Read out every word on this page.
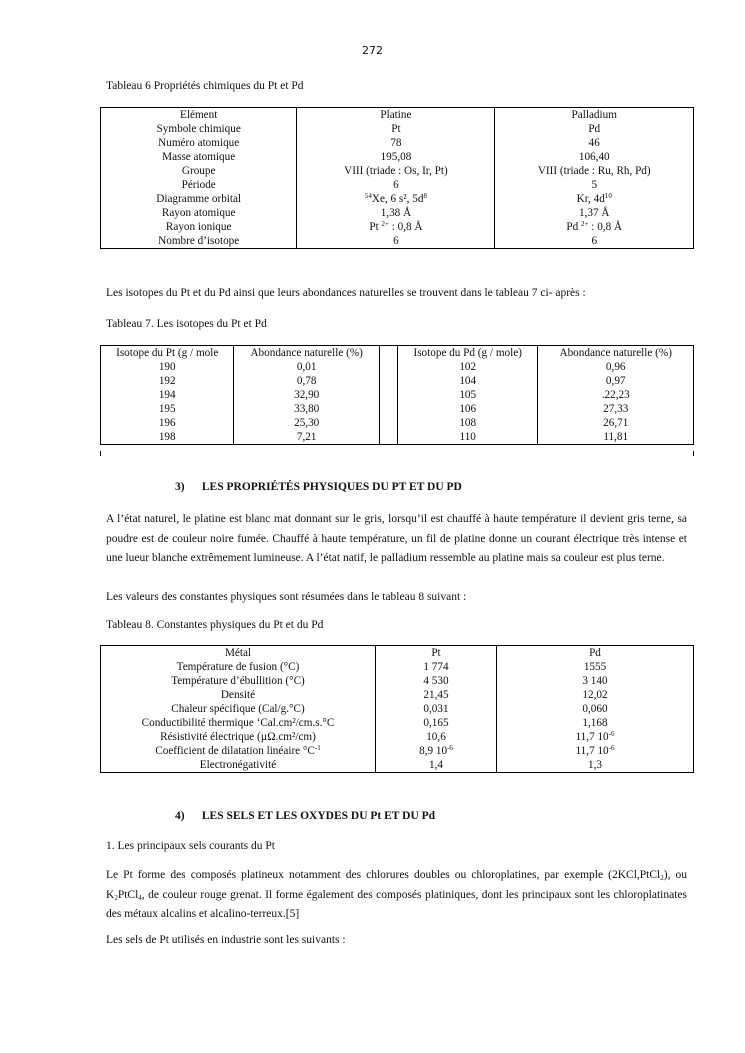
272
Tableau 6 Propriétés chimiques du Pt et Pd
Elément	Platine	Palladium
Symbole chimique	Pt	Pd
Numéro atomique	78	46
Masse atomique	195,08	106,40
Groupe	VIII (triade : Os, Ir, Pt)	VIII (triade : Ru, Rh, Pd)
Période	6	5
Diagramme orbital	$^{54}$Xe, 6 s², $5d^8$	Kr, $4d^{10}$
Rayon atomique	1,38 Å	1,37 Å
Rayon ionique	Pt $^{2+}$ : 0,8 Å	Pd $^{2+}$ : 0,8 Å
Nombre d’isotope	6	6
Les isotopes du Pt et du Pd ainsi que leurs abondances naturelles se trouvent dans le tableau 7 ci- après :
Tableau 7. Les isotopes du Pt et Pd
Isotope du Pt (g / mole	Abondance naturelle (%)		Isotope du Pd (g / mole)	Abondance naturelle (%)
190	0,01		102	0,96
192	0,78		104	0,97
194	32,90		105	.22,23
195	33,80		106	27,33
196	25,30		108	26,71
198	7,21		110	11,81
3) LES PROPRIÉTÉS PHYSIQUES DU PT ET DU PD
A l’état naturel, le platine est blanc mat donnant sur le gris, lorsqu’il est chauffé à haute température il devient gris terne, sa poudre est de couleur noire fumée. Chauffé à haute température, un fil de platine donne un courant électrique très intense et une lueur blanche extrêmement lumineuse. A l’état natif, le palladium ressemble au platine mais sa couleur est plus terne.
Les valeurs des constantes physiques sont résumées dans le tableau 8 suivant :
Tableau 8. Constantes physiques du Pt et du Pd
Métal	Pt	Pd
Température de fusion (°C)	1 774	1555
Température d’ébullition (°C)	4 530	3 140
Densité	21,45	12,02
Chaleur spécifique (Cal/g.°C)	0,031	0,060
Conductibilité thermique ‘Cal.cm²/cm.s.°C	0,165	1,168
Résistivité électrique (µΩ.cm²/cm)	10,6	11,7 $10^{-6}$
Coefficient de dilatation linéaire $^\circ C^{-1}$	8,9 $10^{-6}$	11,7 $10^{-6}$
Electronégativité	1,4	1,3
4) LES SELS ET LES OXYDES DU Pt ET DU Pd
1. Les principaux sels courants du Pt
Le Pt forme des composés platineux notamment des chlorures doubles ou chloroplatines, par exemple (2KCl,PtCl$_2$), ou $K_2PtCl_4$, de couleur rouge grenat. Il forme également des composés platiniques, dont les principaux sont les chloroplatinates des métaux alcalins et alcalino-terreux.[5]
Les sels de Pt utilisés en industrie sont les suivants :
